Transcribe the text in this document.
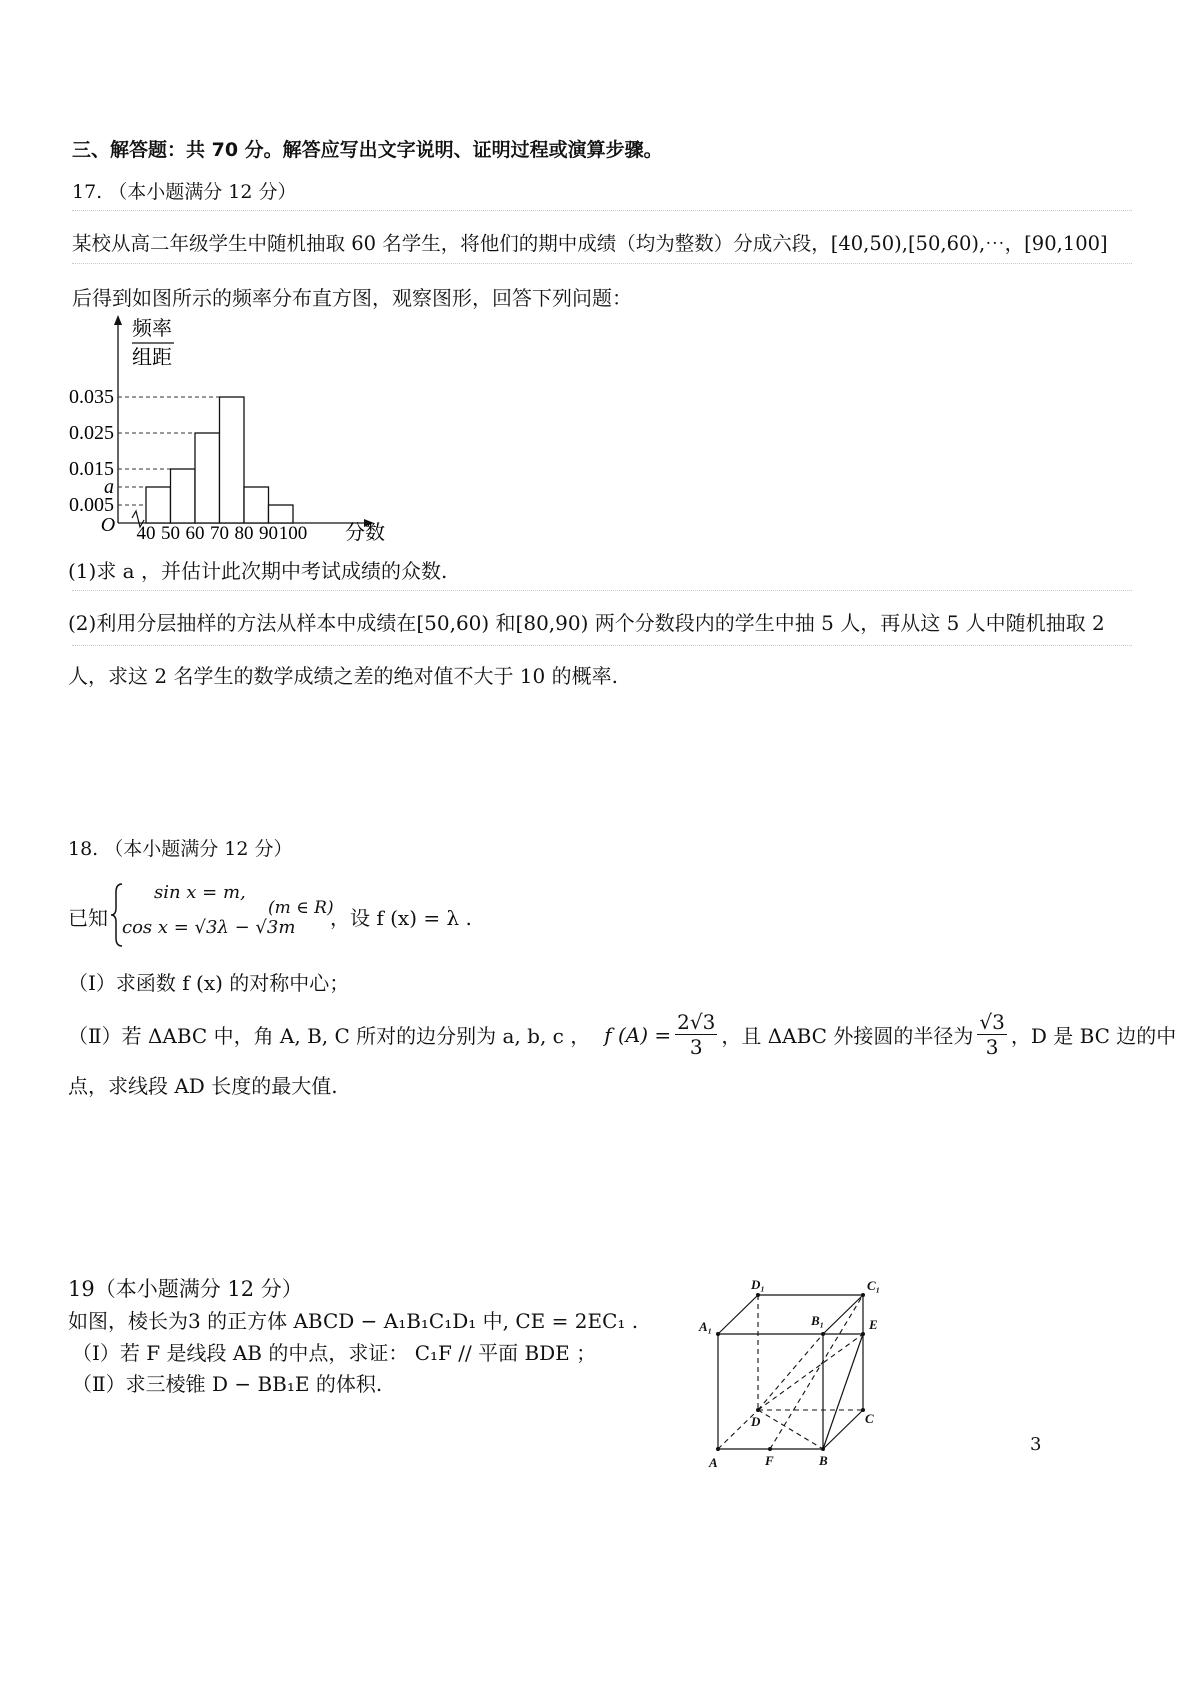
三、解答题：共 70 分。解答应写出文字说明、证明过程或演算步骤。
17. （本小题满分 12 分）
某校从高二年级学生中随机抽取 60 名学生，将他们的期中成绩（均为整数）分成六段，[40,50),[50,60),⋯，[90,100]
后得到如图所示的频率分布直方图，观察图形，回答下列问题：
频率
组距
O	分数
0.035
0.025
0.015
a
0.005
40 50 60 70 80 90 100
(1)求 a ，并估计此次期中考试成绩的众数.
(2)利用分层抽样的方法从样本中成绩在[50,60) 和[80,90) 两个分数段内的学生中抽 5 人，再从这 5 人中随机抽取 2
人，求这 2 名学生的数学成绩之差的绝对值不大于 10 的概率.
18. （本小题满分 12 分）
已知
sin x = m,
cos x = √3λ − √3m
(m ∈ R)
，设 f (x) = λ .
（Ⅰ）求函数 f (x) 的对称中心；
（Ⅱ）若 ΔABC 中，角 A, B, C 所对的边分别为 a, b, c ， f $(A) = \frac{2√3}{3}$ ，且 ΔABC 外接圆的半径为 $\frac{√3}{3}$ ，D 是 BC 边的中
点，求线段 AD 长度的最大值.
19（本小题满分 12 分）
如图，棱长为3 的正方体 ABCD − A₁B₁C₁D₁ 中, CE = 2EC₁ .
（Ⅰ）若 F 是线段 AB 的中点，求证： C₁F // 平面 BDE ；
（Ⅱ）求三棱锥 D − BB₁E 的体积.
D₁	C₁
A₁	B₁	E
D	C
A	F	B
3
